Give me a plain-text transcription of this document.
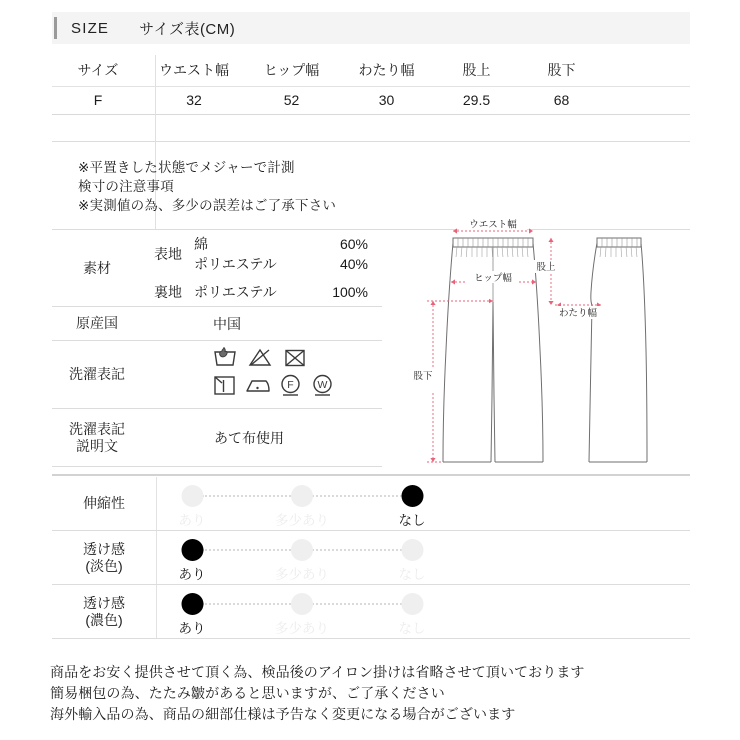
SIZE サイズ表(CM)
サイズ	ウエスト幅	ヒップ幅	わたり幅	股上	股下	
F	32	52	30	29.5	68	
※平置きした状態でメジャーで計測
検寸の注意事項
※実測値の為、多少の誤差はご了承下さい
素材
表地
綿	60%
ポリエステル	40%
裏地 ポリエステル	100%
原産国	中国
洗濯表記
F W
洗濯表記
説明文	あて布使用
ウエスト幅
ヒップ幅
股下
股上
わたり幅
伸縮性
あり	多少あり	なし
透け感
(淡色)
あり	多少あり	なし
透け感
(濃色)
あり	多少あり	なし
商品をお安く提供させて頂く為、検品後のアイロン掛けは省略させて頂いております
簡易梱包の為、たたみ皺があると思いますが、ご了承ください
海外輸入品の為、商品の細部仕様は予告なく変更になる場合がございます
